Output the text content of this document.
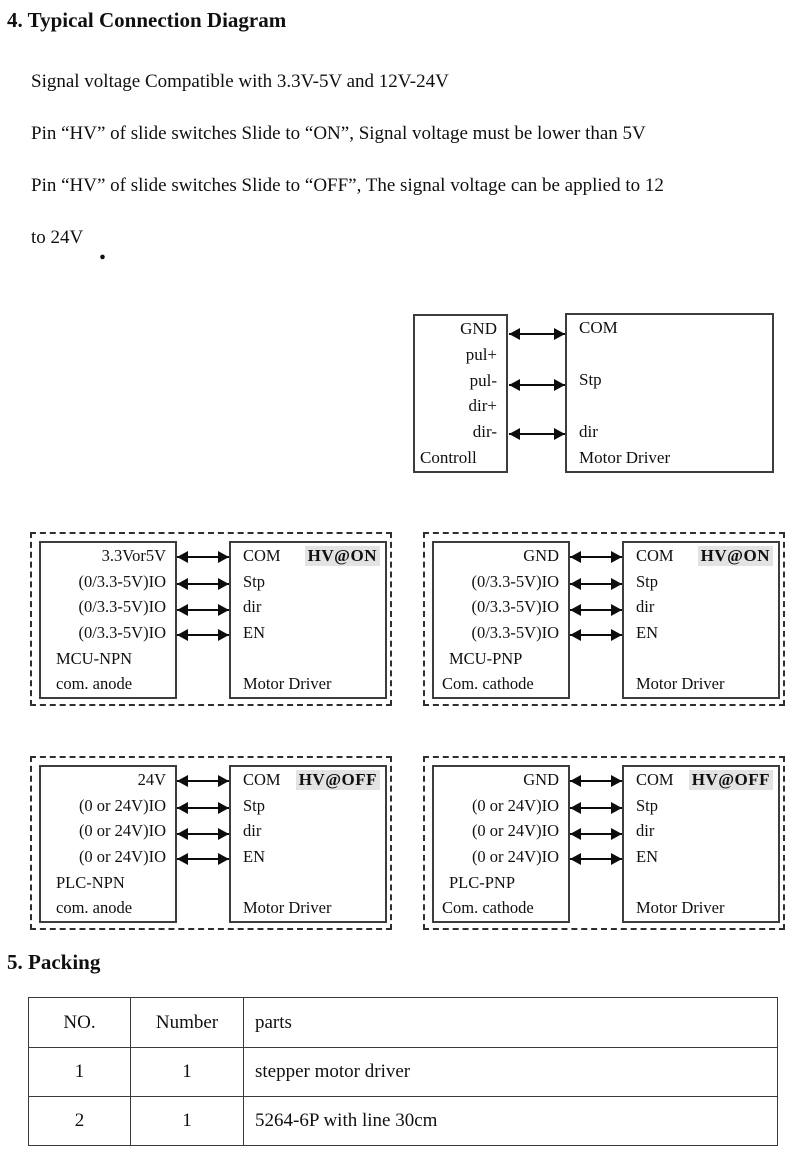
4. Typical Connection Diagram
Signal voltage Compatible with 3.3V-5V and 12V-24V
Pin “HV” of slide switches Slide to “ON”, Signal voltage must be lower than 5V
Pin “HV” of slide switches Slide to “OFF”, The signal voltage can be applied to 12
to 24V .
GND
pul+
pul-
dir+
dir-
Controll
COM
Stp
dir
Motor Driver
3.3Vor5V
(0/3.3-5V)IO
(0/3.3-5V)IO
(0/3.3-5V)IO
MCU-NPN
com. anode
COM HV@ON
Stp
dir
EN
Motor Driver
GND
(0/3.3-5V)IO
(0/3.3-5V)IO
(0/3.3-5V)IO
MCU-PNP
Com. cathode
COM HV@ON
Stp
dir
EN
Motor Driver
24V
(0 or 24V)IO
(0 or 24V)IO
(0 or 24V)IO
PLC-NPN
com. anode
COM HV@OFF
Stp
dir
EN
Motor Driver
GND
(0 or 24V)IO
(0 or 24V)IO
(0 or 24V)IO
PLC-PNP
Com. cathode
COM HV@OFF
Stp
dir
EN
Motor Driver
5. Packing
NO.	Number	parts
1	1	stepper motor driver
2	1	5264-6P with line 30cm
